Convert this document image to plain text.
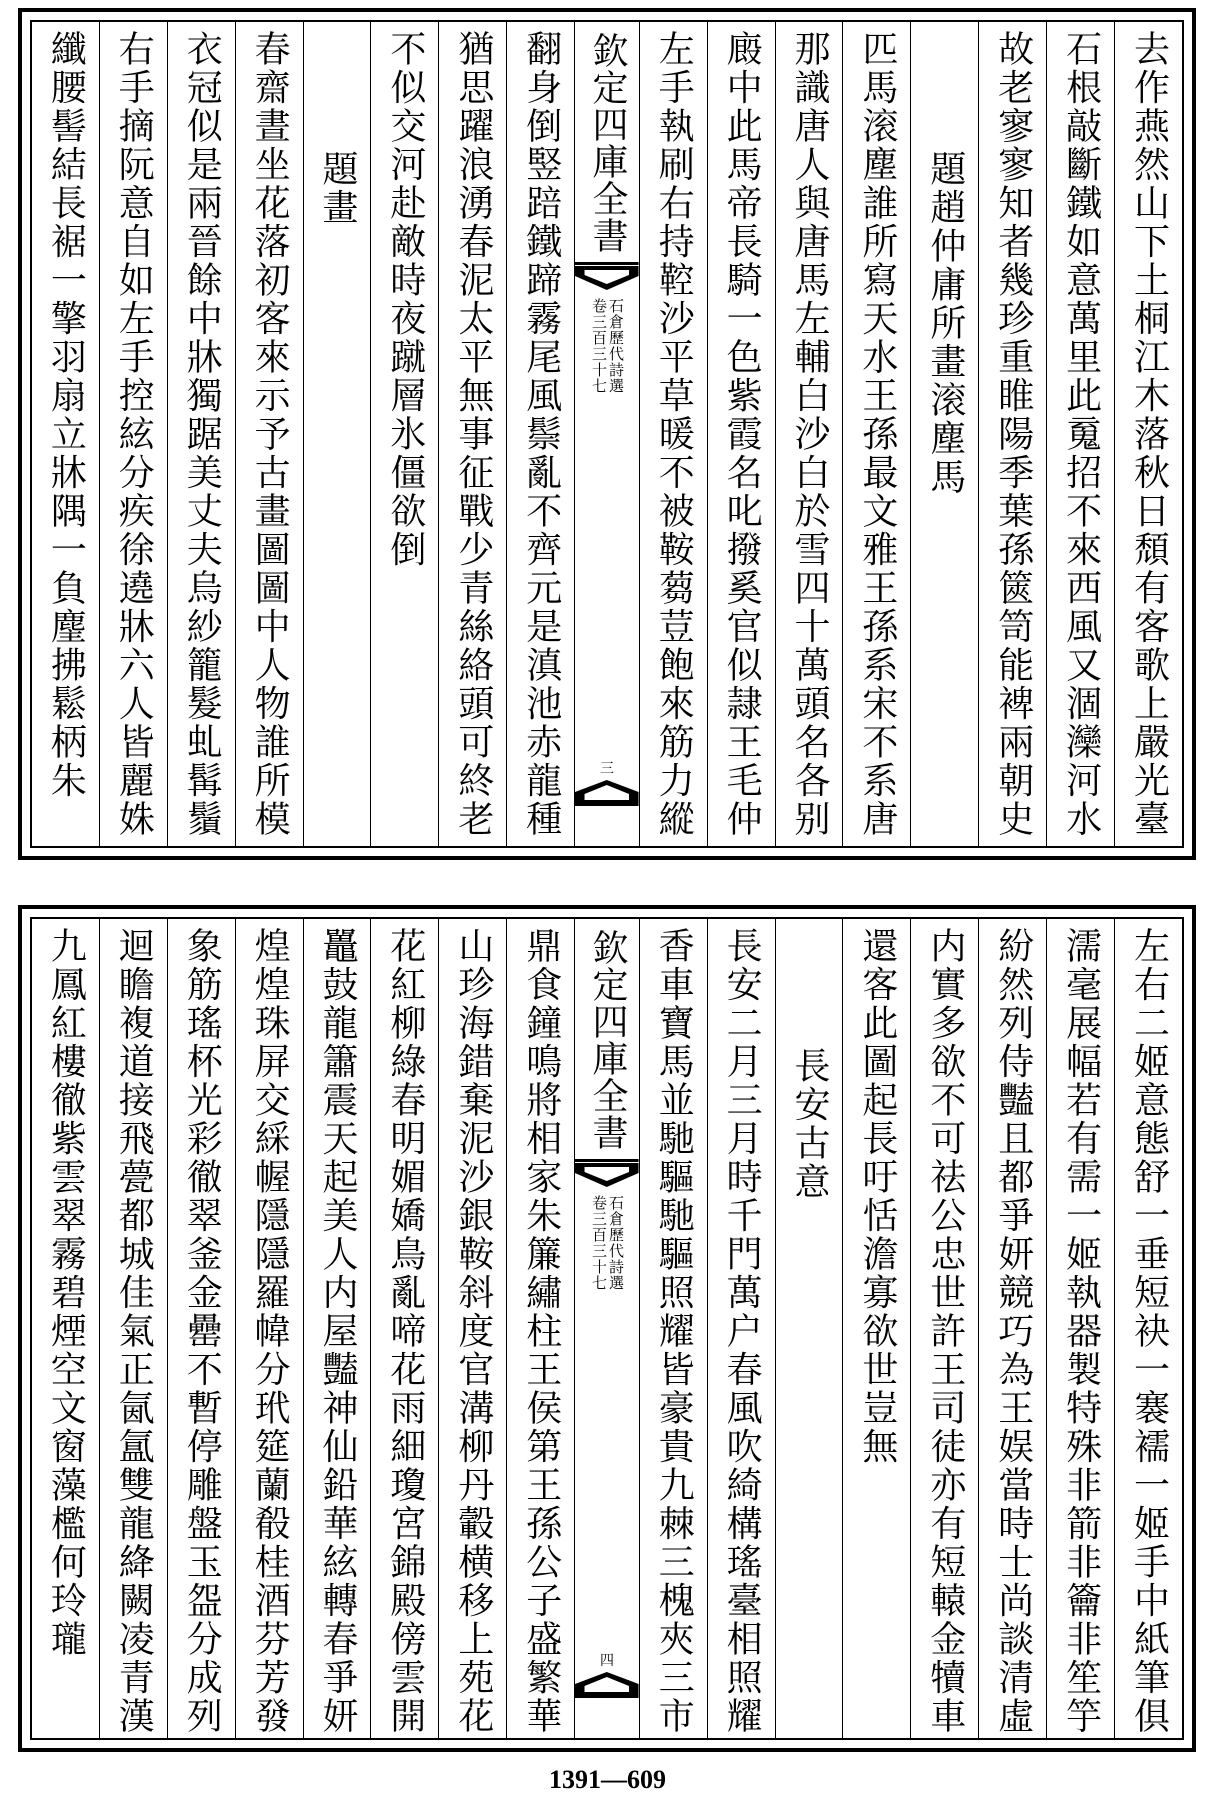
去作燕然山下土桐江木落秋日頹有客歌上嚴光臺
石根敲斷鐵如意萬里此䰟招不來西風又涸灤河水
故老寥寥知者幾珍重睢陽季葉孫篋笥能裨兩朝史
題趙仲庸所畫滚塵馬
匹馬滚塵誰所寫天水王孫最文雅王孫系宋不系唐
那識唐人與唐馬左輔白沙白於雪四十萬頭名各别
廄中此馬帝長騎一色紫霞名叱撥奚官似隷王毛仲
左手執刷右持鞚沙平草暖不被鞍蒭荳飽來筋力縱
欽定四庫全書
石倉歷代詩選
卷三百三十七
三
翻身倒竪踣鐵蹄霧尾風鬃亂不齊元是滇池赤龍種
猶思躍浪湧春泥太平無事征戰少青絲絡頭可終老
不似交河赴敵時夜蹴層氷僵欲倒
題畫
春齋晝坐花落初客來示予古畫圖圖中人物誰所模
衣冠似是兩晉餘中牀獨踞美丈夫烏紗籠髮虬髯鬚
右手摘阮意自如左手控絃分疾徐遶牀六人皆麗姝
纖腰髻結長裾一擎羽扇立牀隅一負麈拂鬆柄朱
左右二姬意態舒一垂短袂一褰襦一姬手中紙筆俱
濡毫展幅若有需一姬執器製特殊非箭非籥非笙竽
紛然列侍豔且都爭妍競巧為王娱當時士尚談清虛
内實多欲不可祛公忠世許王司徒亦有短轅金犢車
還客此圖起長吁恬澹寡欲世豈無
長安古意
長安二月三月時千門萬户春風吹綺構瑤臺相照耀
香車寶馬並馳驅馳驅照耀皆豪貴九棘三槐夾三市
欽定四庫全書
石倉歷代詩選
卷三百三十七
四
鼎食鐘鳴將相家朱簾繡柱王侯第王孫公子盛繁華
山珍海錯棄泥沙銀鞍斜度官溝柳丹轂横移上苑花
花紅柳綠春明媚嬌鳥亂啼花雨細瓊宮錦殿傍雲開
鼉鼓龍簫震天起美人内屋豔神仙鉛華絃轉春爭妍
煌煌珠屏交綵幄隱隱羅幃分玳筵蘭殽桂酒芬芳發
象筋瑤杯光彩徹翠釜金罍不暫停雕盤玉盌分成列
迴瞻複道接飛甍都城佳氣正氤氲雙龍絳闕凌青漢
九鳳紅樓徹紫雲翠霧碧煙空文窗藻檻何玲瓏
1391—609
